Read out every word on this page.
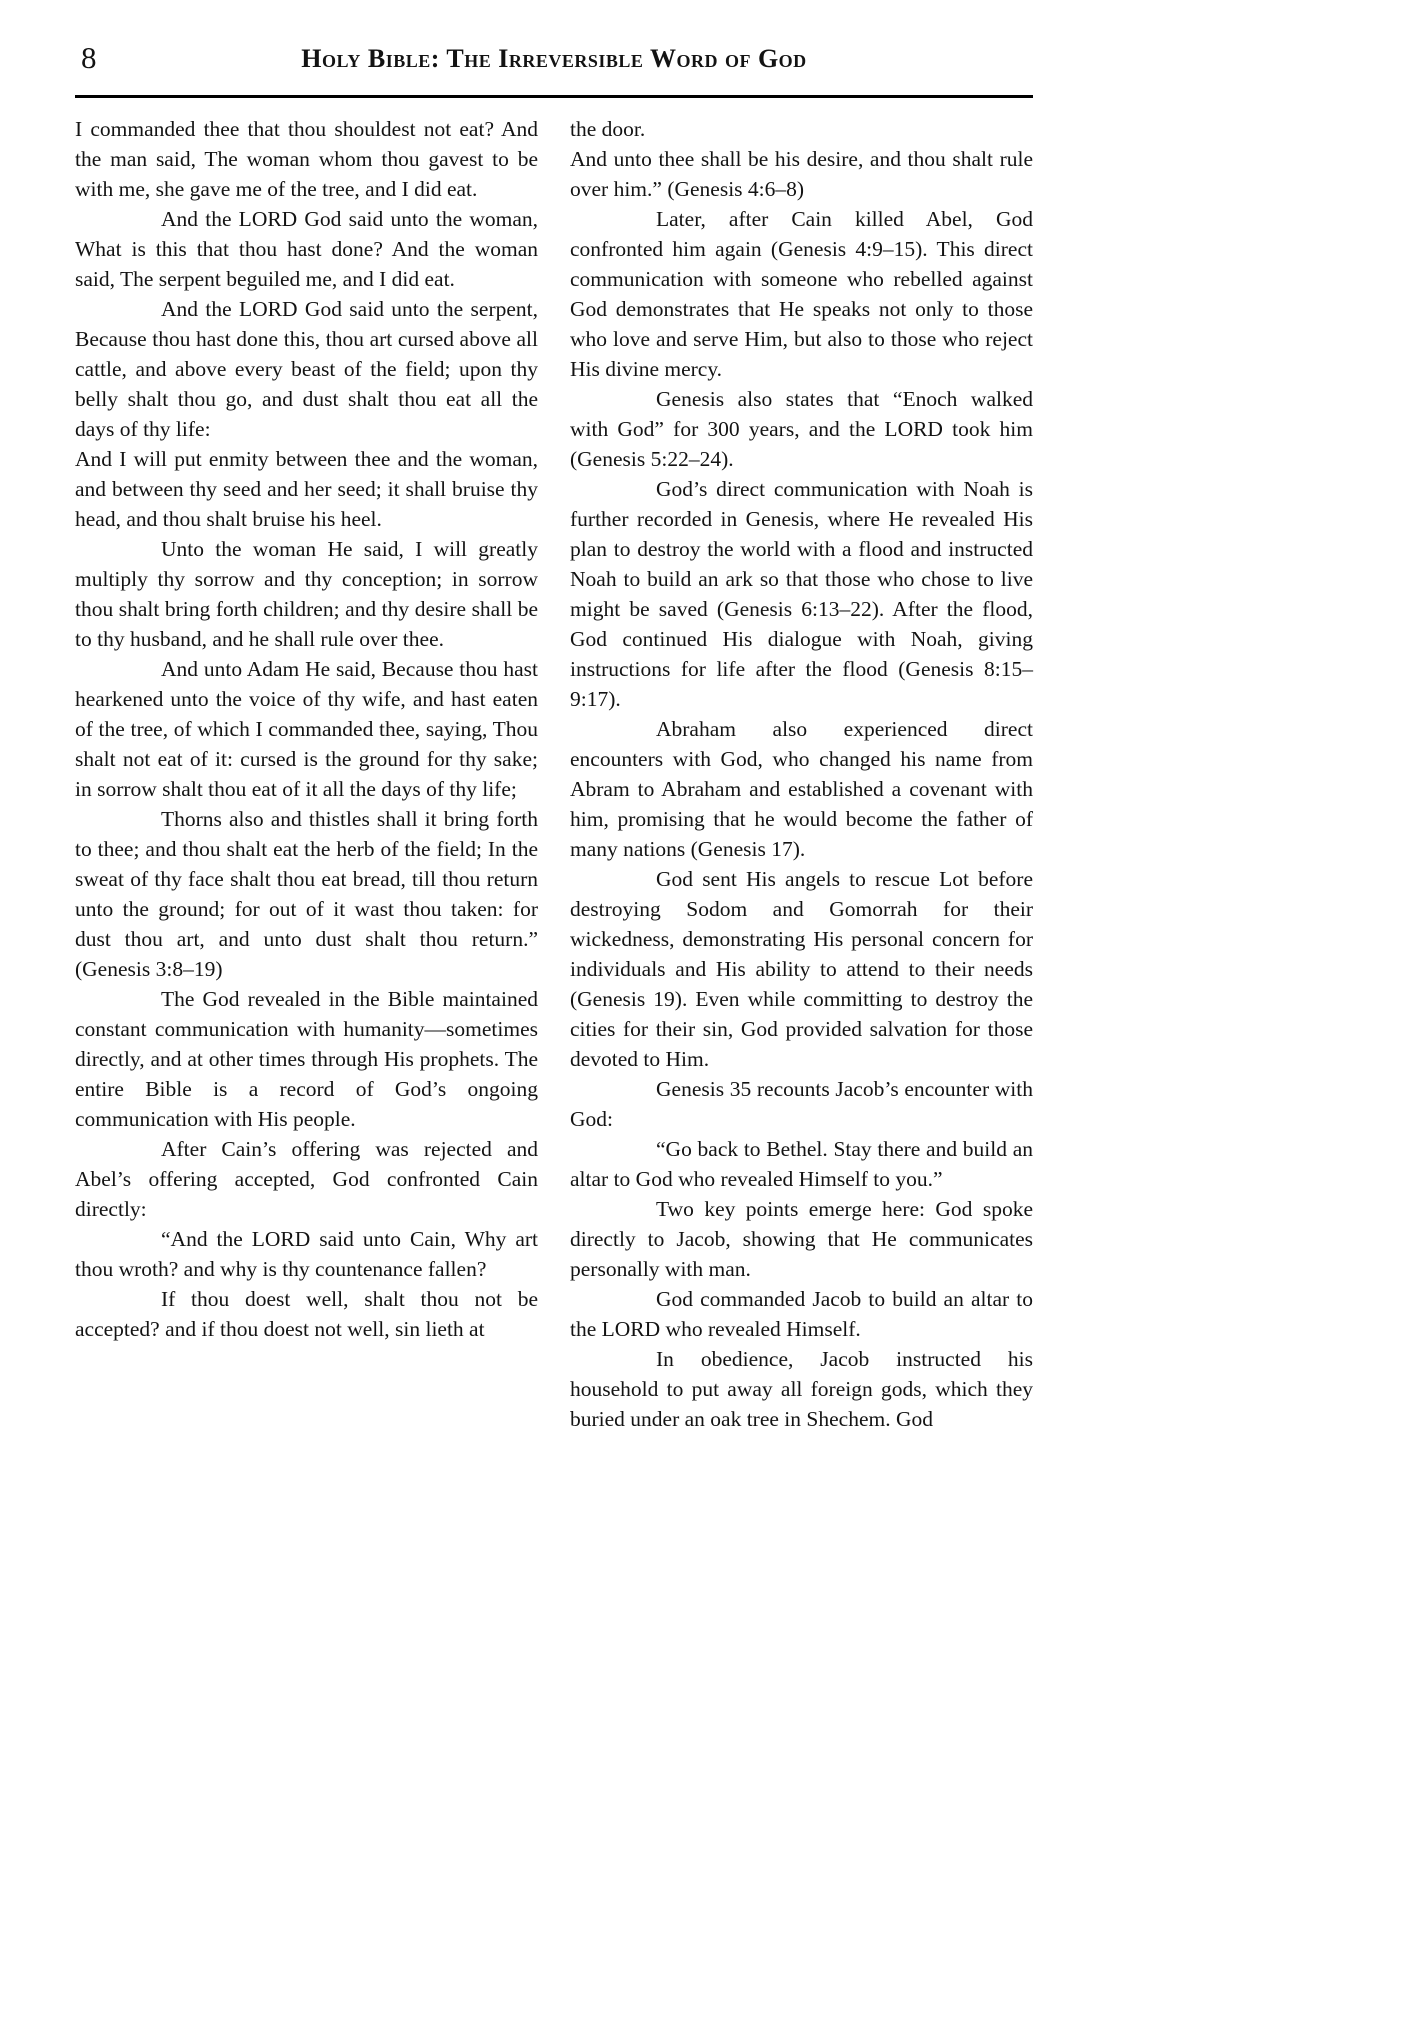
8	Holy Bible: The Irreversible Word of God

I commanded thee that thou shouldest not eat? And the man said, The woman whom thou gavest to be with me, she gave me of the tree, and I did eat.

And the LORD God said unto the woman, What is this that thou hast done? And the woman said, The serpent beguiled me, and I did eat.

And the LORD God said unto the serpent, Because thou hast done this, thou art cursed above all cattle, and above every beast of the field; upon thy belly shalt thou go, and dust shalt thou eat all the days of thy life:

And I will put enmity between thee and the woman, and between thy seed and her seed; it shall bruise thy head, and thou shalt bruise his heel.

Unto the woman He said, I will greatly multiply thy sorrow and thy conception; in sorrow thou shalt bring forth children; and thy desire shall be to thy husband, and he shall rule over thee.

And unto Adam He said, Because thou hast hearkened unto the voice of thy wife, and hast eaten of the tree, of which I commanded thee, saying, Thou shalt not eat of it: cursed is the ground for thy sake; in sorrow shalt thou eat of it all the days of thy life;

Thorns also and thistles shall it bring forth to thee; and thou shalt eat the herb of the field; In the sweat of thy face shalt thou eat bread, till thou return unto the ground; for out of it wast thou taken: for dust thou art, and unto dust shalt thou return.” (Genesis 3:8–19)

The God revealed in the Bible maintained constant communication with humanity—sometimes directly, and at other times through His prophets. The entire Bible is a record of God’s ongoing communication with His people.

After Cain’s offering was rejected and Abel’s offering accepted, God confronted Cain directly:

“And the LORD said unto Cain, Why art thou wroth? and why is thy countenance fallen?

If thou doest well, shalt thou not be accepted? and if thou doest not well, sin lieth at

the door.

And unto thee shall be his desire, and thou shalt rule over him.” (Genesis 4:6–8)

Later, after Cain killed Abel, God confronted him again (Genesis 4:9–15). This direct communication with someone who rebelled against God demonstrates that He speaks not only to those who love and serve Him, but also to those who reject His divine mercy.

Genesis also states that “Enoch walked with God” for 300 years, and the LORD took him (Genesis 5:22–24).

God’s direct communication with Noah is further recorded in Genesis, where He revealed His plan to destroy the world with a flood and instructed Noah to build an ark so that those who chose to live might be saved (Genesis 6:13–22). After the flood, God continued His dialogue with Noah, giving instructions for life after the flood (Genesis 8:15–9:17).

Abraham also experienced direct encounters with God, who changed his name from Abram to Abraham and established a covenant with him, promising that he would become the father of many nations (Genesis 17).

God sent His angels to rescue Lot before destroying Sodom and Gomorrah for their wickedness, demonstrating His personal concern for individuals and His ability to attend to their needs (Genesis 19). Even while committing to destroy the cities for their sin, God provided salvation for those devoted to Him.

Genesis 35 recounts Jacob’s encounter with God:

“Go back to Bethel. Stay there and build an altar to God who revealed Himself to you.”

Two key points emerge here: God spoke directly to Jacob, showing that He communicates personally with man.

God commanded Jacob to build an altar to the LORD who revealed Himself.

In obedience, Jacob instructed his household to put away all foreign gods, which they buried under an oak tree in Shechem. God
